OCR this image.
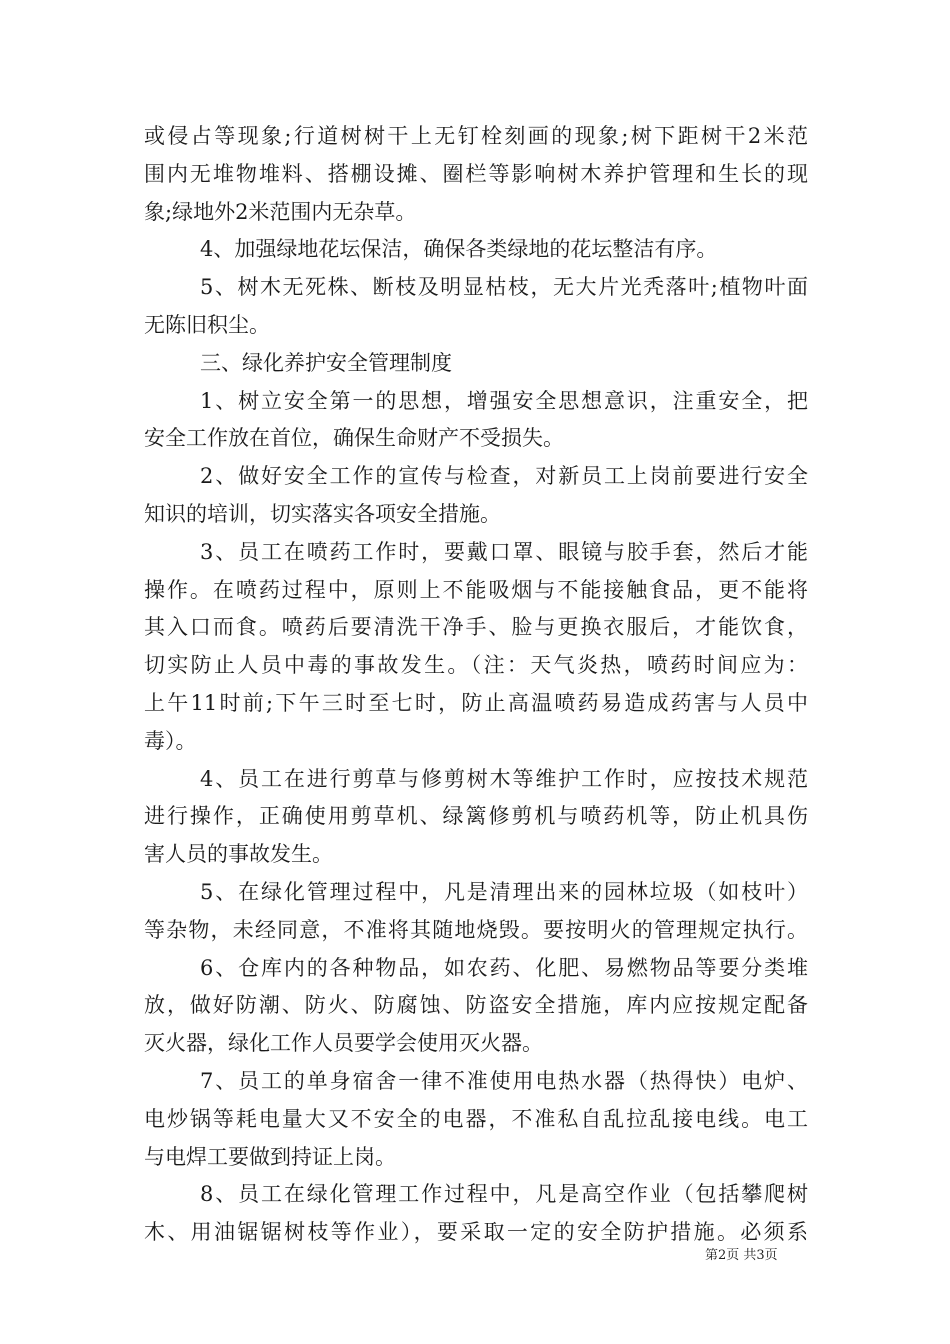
或侵占等现象;行道树树干上无钉栓刻画的现象;树下距树干2米范
围内无堆物堆料、搭棚设摊、圈栏等影响树木养护管理和生长的现
象;绿地外2米范围内无杂草。
4、加强绿地花坛保洁，确保各类绿地的花坛整洁有序。
5、树木无死株、断枝及明显枯枝，无大片光秃落叶;植物叶面
无陈旧积尘。
三、绿化养护安全管理制度
1、树立安全第一的思想，增强安全思想意识，注重安全，把
安全工作放在首位，确保生命财产不受损失。
2、做好安全工作的宣传与检查，对新员工上岗前要进行安全
知识的培训，切实落实各项安全措施。
3、员工在喷药工作时，要戴口罩、眼镜与胶手套，然后才能
操作。在喷药过程中，原则上不能吸烟与不能接触食品，更不能将
其入口而食。喷药后要清洗干净手、脸与更换衣服后，才能饮食，
切实防止人员中毒的事故发生。（注：天气炎热，喷药时间应为：
上午11时前;下午三时至七时，防止高温喷药易造成药害与人员中
毒）。
4、员工在进行剪草与修剪树木等维护工作时，应按技术规范
进行操作，正确使用剪草机、绿篱修剪机与喷药机等，防止机具伤
害人员的事故发生。
5、在绿化管理过程中，凡是清理出来的园林垃圾（如枝叶）
等杂物，未经同意，不准将其随地烧毁。要按明火的管理规定执行。
6、仓库内的各种物品，如农药、化肥、易燃物品等要分类堆
放，做好防潮、防火、防腐蚀、防盗安全措施，库内应按规定配备
灭火器，绿化工作人员要学会使用灭火器。
7、员工的单身宿舍一律不准使用电热水器（热得快）电炉、
电炒锅等耗电量大又不安全的电器，不准私自乱拉乱接电线。电工
与电焊工要做到持证上岗。
8、员工在绿化管理工作过程中，凡是高空作业（包括攀爬树
木、用油锯锯树枝等作业），要采取一定的安全防护措施。必须系
第2页 共3页
